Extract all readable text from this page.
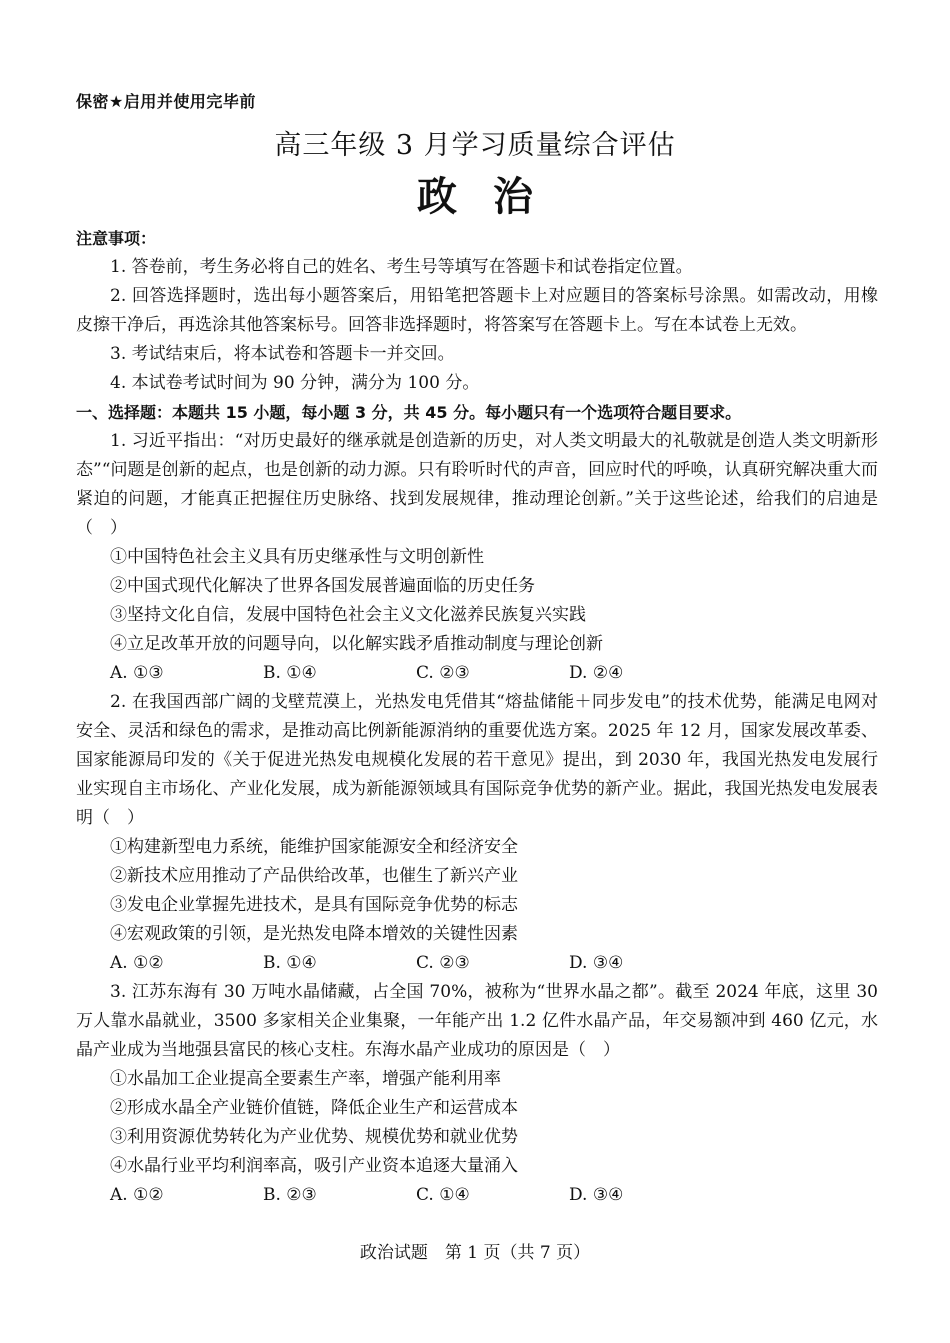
保密★启用并使用完毕前
高三年级 3 月学习质量综合评估
政治
注意事项：

1. 答卷前，考生务必将自己的姓名、考生号等填写在答题卡和试卷指定位置。

2. 回答选择题时，选出每小题答案后，用铅笔把答题卡上对应题目的答案标号涂黑。如需改动，用橡皮擦干净后，再选涂其他答案标号。回答非选择题时，将答案写在答题卡上。写在本试卷上无效。

3. 考试结束后，将本试卷和答题卡一并交回。

4. 本试卷考试时间为 90 分钟，满分为 100 分。

一、选择题：本题共 15 小题，每小题 3 分，共 45 分。每小题只有一个选项符合题目要求。

1. 习近平指出：“对历史最好的继承就是创造新的历史，对人类文明最大的礼敬就是创造人类文明新形态”“问题是创新的起点，也是创新的动力源。只有聆听时代的声音，回应时代的呼唤，认真研究解决重大而紧迫的问题，才能真正把握住历史脉络、找到发展规律，推动理论创新。”关于这些论述，给我们的启迪是（　）

①中国特色社会主义具有历史继承性与文明创新性

②中国式现代化解决了世界各国发展普遍面临的历史任务

③坚持文化自信，发展中国特色社会主义文化滋养民族复兴实践

④立足改革开放的问题导向，以化解实践矛盾推动制度与理论创新

A. ①③	B. ①④	C. ②③	D. ②④

2. 在我国西部广阔的戈壁荒漠上，光热发电凭借其“熔盐储能＋同步发电”的技术优势，能满足电网对安全、灵活和绿色的需求，是推动高比例新能源消纳的重要优选方案。2025 年 12 月，国家发展改革委、国家能源局印发的《关于促进光热发电规模化发展的若干意见》提出，到 2030 年，我国光热发电发展行业实现自主市场化、产业化发展，成为新能源领域具有国际竞争优势的新产业。据此，我国光热发电发展表明（　）

①构建新型电力系统，能维护国家能源安全和经济安全

②新技术应用推动了产品供给改革，也催生了新兴产业

③发电企业掌握先进技术，是具有国际竞争优势的标志

④宏观政策的引领，是光热发电降本增效的关键性因素

A. ①②	B. ①④	C. ②③	D. ③④

3. 江苏东海有 30 万吨水晶储藏，占全国 70%，被称为“世界水晶之都”。截至 2024 年底，这里 30 万人靠水晶就业，3500 多家相关企业集聚，一年能产出 1.2 亿件水晶产品，年交易额冲到 460 亿元，水晶产业成为当地强县富民的核心支柱。东海水晶产业成功的原因是（　）

①水晶加工企业提高全要素生产率，增强产能利用率

②形成水晶全产业链价值链，降低企业生产和运营成本

③利用资源优势转化为产业优势、规模优势和就业优势

④水晶行业平均利润率高，吸引产业资本追逐大量涌入

A. ①②	B. ②③	C. ①④	D. ③④
政治试题　第 1 页（共 7 页）
